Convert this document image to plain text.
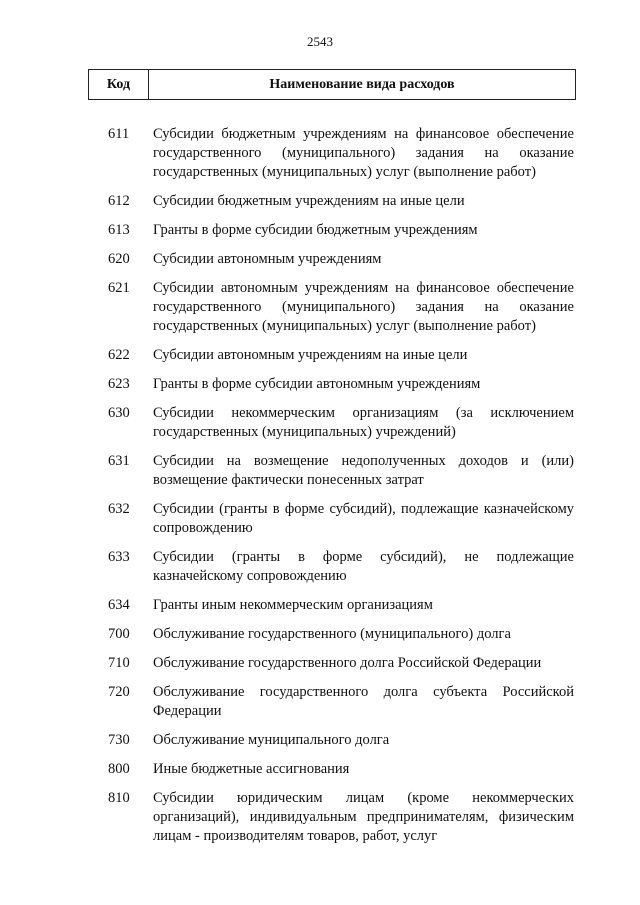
2543
Код	Наименование вида расходов
611	Субсидии бюджетным учреждениям на финансовое обеспечение государственного (муниципального) задания на оказание государственных (муниципальных) услуг (выполнение работ)
612	Субсидии бюджетным учреждениям на иные цели
613	Гранты в форме субсидии бюджетным учреждениям
620	Субсидии автономным учреждениям
621	Субсидии автономным учреждениям на финансовое обеспечение государственного (муниципального) задания на оказание государственных (муниципальных) услуг (выполнение работ)
622	Субсидии автономным учреждениям на иные цели
623	Гранты в форме субсидии автономным учреждениям
630	Субсидии некоммерческим организациям (за исключением государственных (муниципальных) учреждений)
631	Субсидии на возмещение недополученных доходов и (или) возмещение фактически понесенных затрат
632	Субсидии (гранты в форме субсидий), подлежащие казначейскому сопровождению
633	Субсидии (гранты в форме субсидий), не подлежащие казначейскому сопровождению
634	Гранты иным некоммерческим организациям
700	Обслуживание государственного (муниципального) долга
710	Обслуживание государственного долга Российской Федерации
720	Обслуживание государственного долга субъекта Российской Федерации
730	Обслуживание муниципального долга
800	Иные бюджетные ассигнования
810	Субсидии юридическим лицам (кроме некоммерческих организаций), индивидуальным предпринимателям, физическим лицам - производителям товаров, работ, услуг
